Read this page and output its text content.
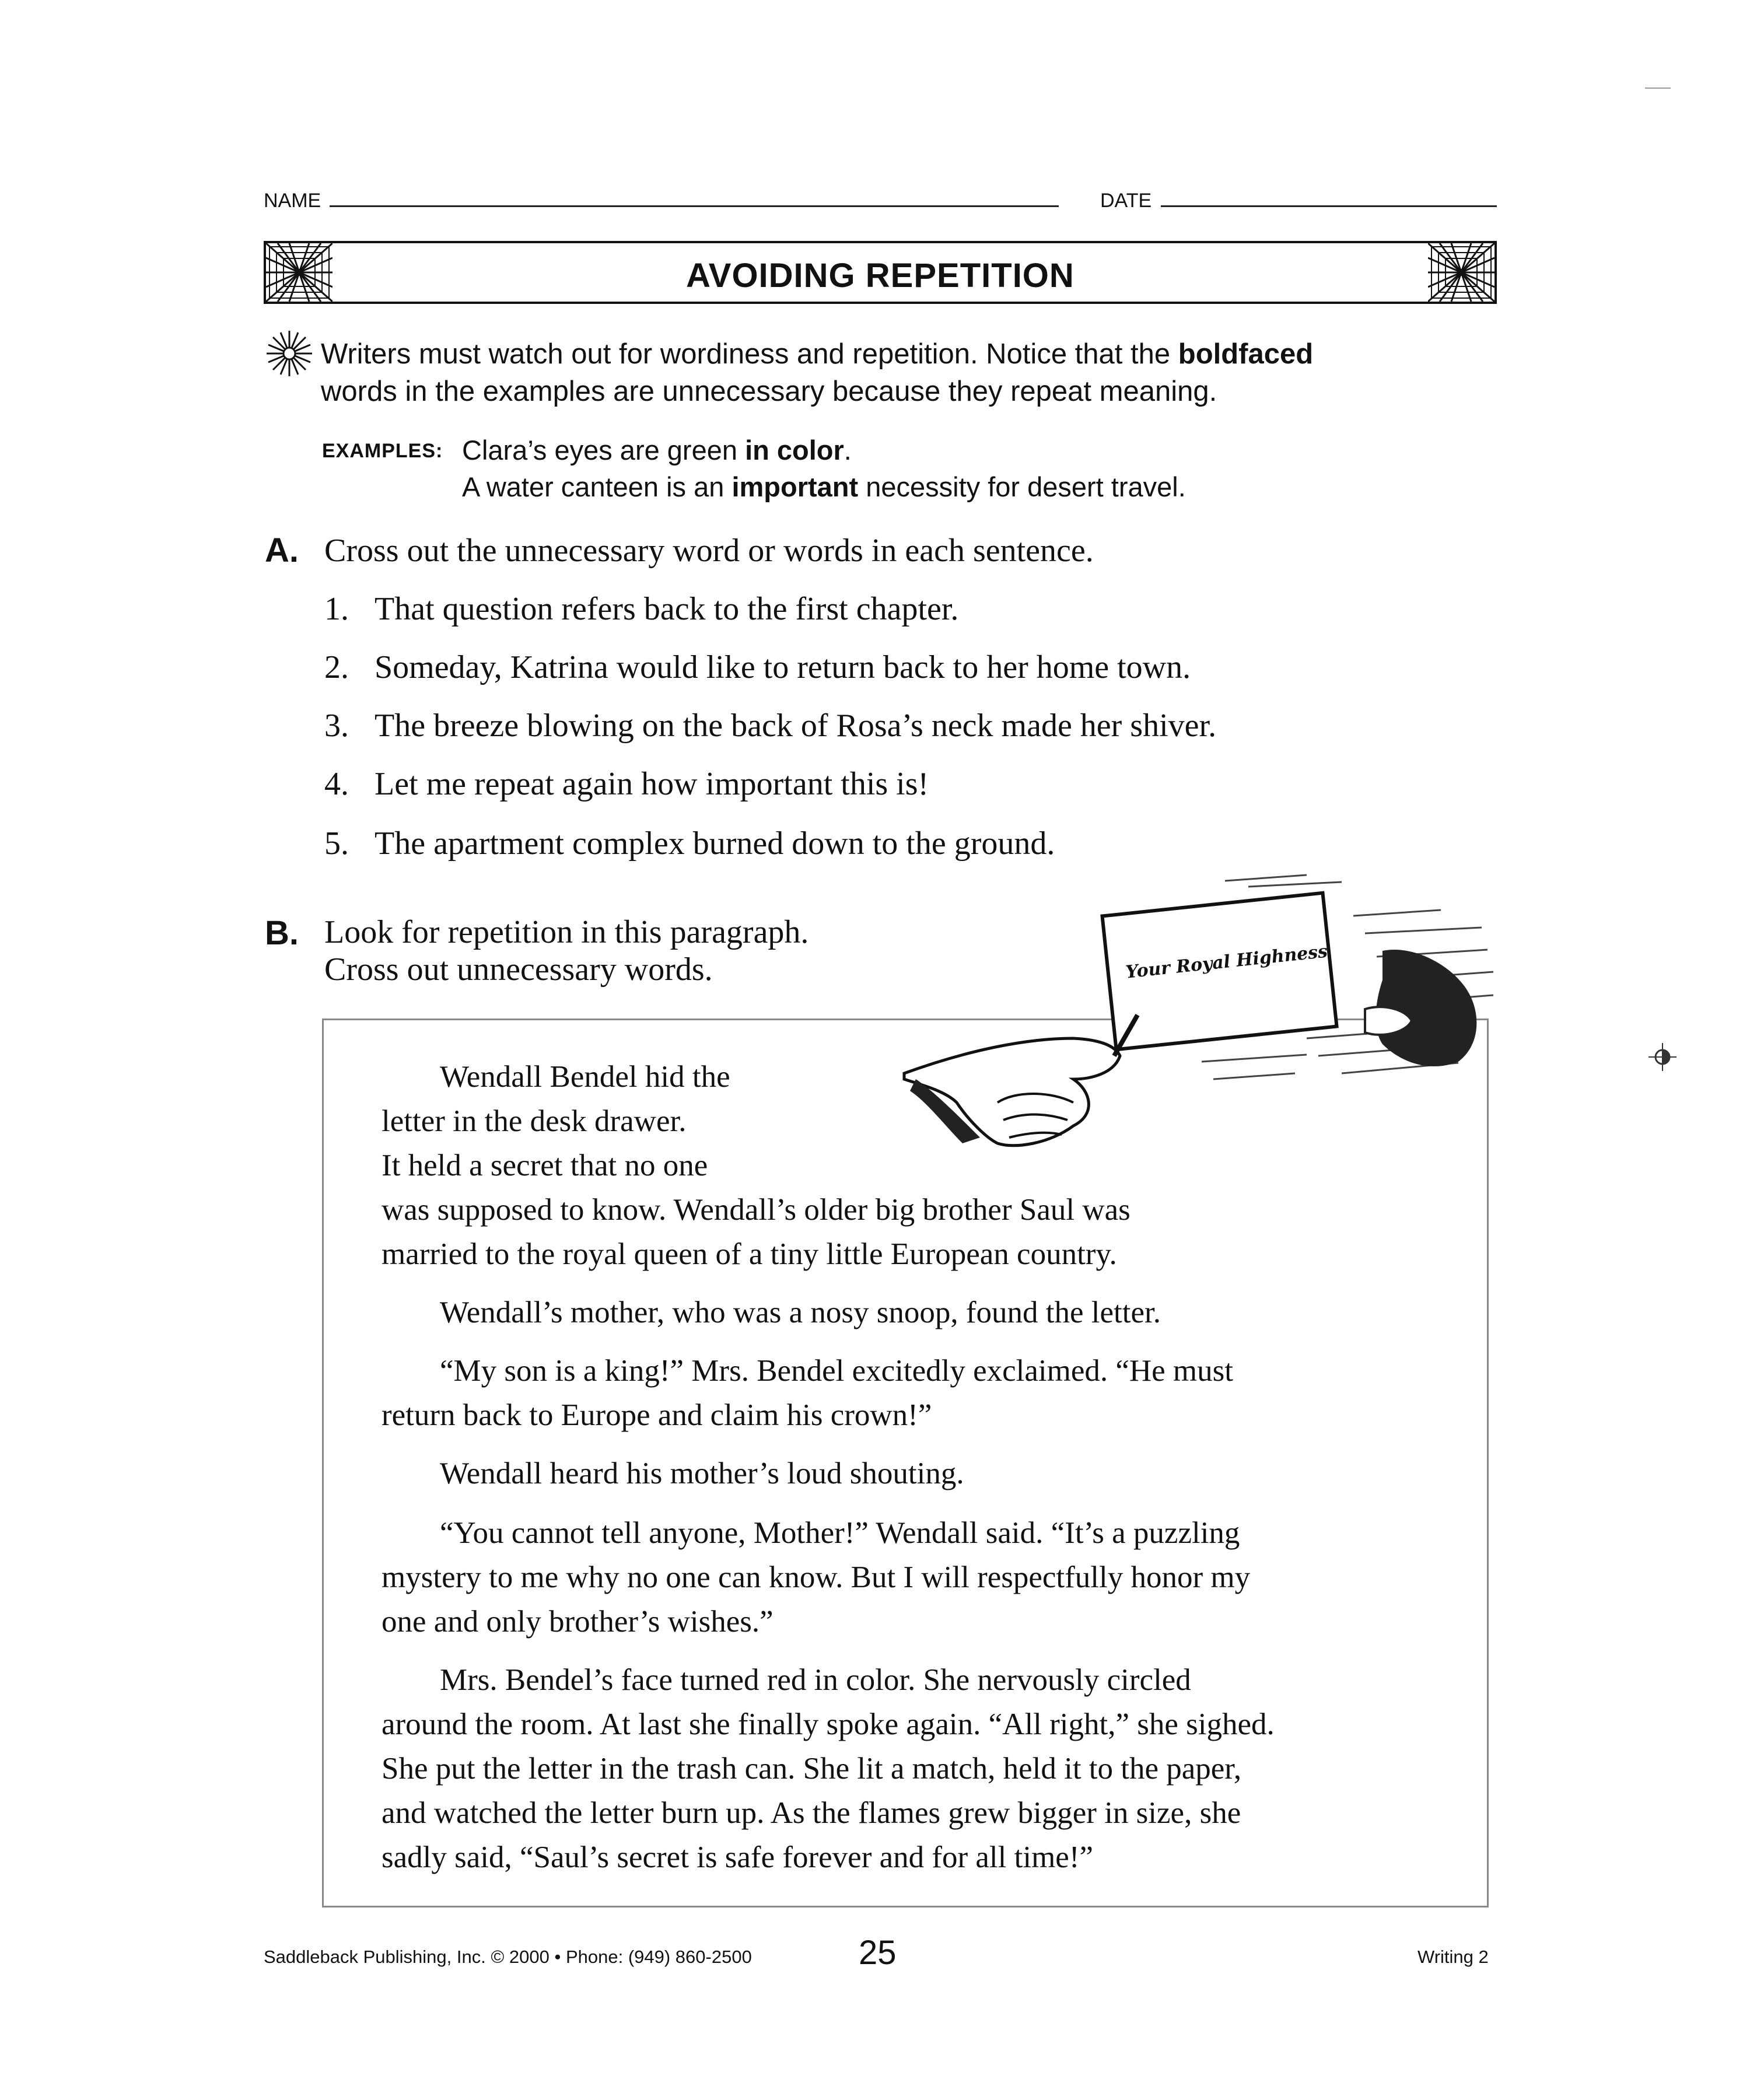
NAME	DATE
AVOIDING REPETITION
Writers must watch out for wordiness and repetition. Notice that the boldfaced
words in the examples are unnecessary because they repeat meaning.
EXAMPLES: Clara’s eyes are green in color.
A water canteen is an important necessity for desert travel.
A. Cross out the unnecessary word or words in each sentence.
1. That question refers back to the first chapter.
2. Someday, Katrina would like to return back to her home town.
3. The breeze blowing on the back of Rosa’s neck made her shiver.
4. Let me repeat again how important this is!
5. The apartment complex burned down to the ground.
B. Look for repetition in this paragraph.
Cross out unnecessary words.	Your Royal Highness
Wendall Bendel hid the
letter in the desk drawer.
It held a secret that no one
was supposed to know. Wendall’s older big brother Saul was
married to the royal queen of a tiny little European country.
Wendall’s mother, who was a nosy snoop, found the letter.
“My son is a king!” Mrs. Bendel excitedly exclaimed. “He must
return back to Europe and claim his crown!”
Wendall heard his mother’s loud shouting.
“You cannot tell anyone, Mother!” Wendall said. “It’s a puzzling
mystery to me why no one can know. But I will respectfully honor my
one and only brother’s wishes.”
Mrs. Bendel’s face turned red in color. She nervously circled
around the room. At last she finally spoke again. “All right,” she sighed.
She put the letter in the trash can. She lit a match, held it to the paper,
and watched the letter burn up. As the flames grew bigger in size, she
sadly said, “Saul’s secret is safe forever and for all time!”
Saddleback Publishing, Inc. © 2000 • Phone: (949) 860-2500	25	Writing 2
